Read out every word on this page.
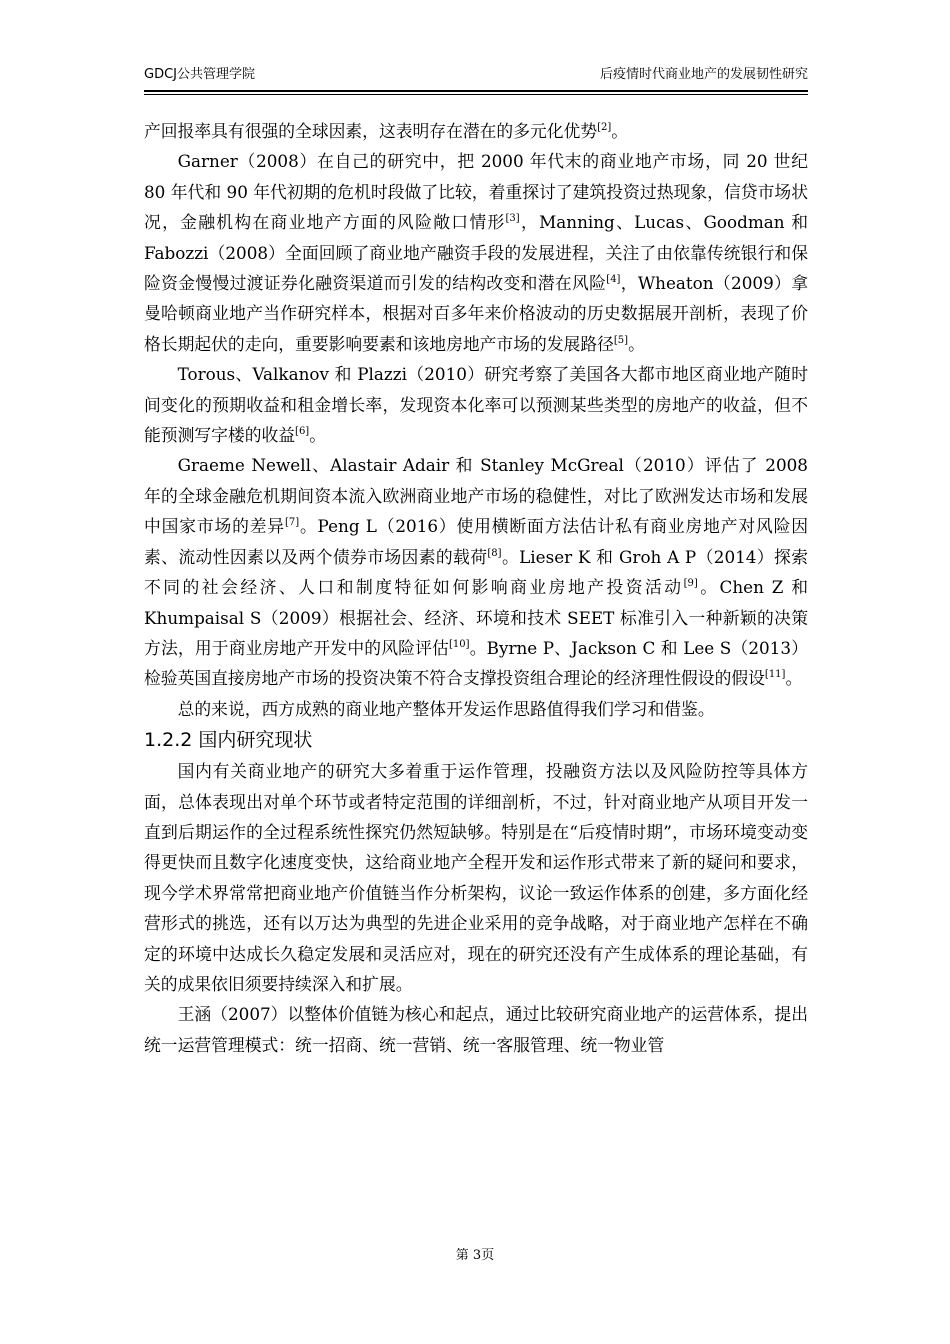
GDCJ公共管理学院	后疫情时代商业地产的发展韧性研究

产回报率具有很强的全球因素，这表明存在潜在的多元化优势[2]。

Garner（2008）在自己的研究中，把 2000 年代末的商业地产市场，同 20 世纪 80 年代和 90 年代初期的危机时段做了比较，着重探讨了建筑投资过热现象，信贷市场状况，金融机构在商业地产方面的风险敞口情形[3]，Manning、Lucas、Goodman 和 Fabozzi（2008）全面回顾了商业地产融资手段的发展进程，关注了由依靠传统银行和保险资金慢慢过渡证券化融资渠道而引发的结构改变和潜在风险[4]，Wheaton（2009）拿曼哈顿商业地产当作研究样本，根据对百多年来价格波动的历史数据展开剖析，表现了价格长期起伏的走向，重要影响要素和该地房地产市场的发展路径[5]。

Torous、Valkanov 和 Plazzi（2010）研究考察了美国各大都市地区商业地产随时间变化的预期收益和租金增长率，发现资本化率可以预测某些类型的房地产的收益，但不能预测写字楼的收益[6]。

Graeme Newell、Alastair Adair 和 Stanley McGreal（2010）评估了 2008 年的全球金融危机期间资本流入欧洲商业地产市场的稳健性，对比了欧洲发达市场和发展中国家市场的差异[7]。Peng L（2016）使用横断面方法估计私有商业房地产对风险因素、流动性因素以及两个债券市场因素的载荷[8]。Lieser K 和 Groh A P（2014）探索不同的社会经济、人口和制度特征如何影响商业房地产投资活动[9]。Chen Z 和 Khumpaisal S（2009）根据社会、经济、环境和技术 SEET 标准引入一种新颖的决策方法，用于商业房地产开发中的风险评估[10]。Byrne P、Jackson C 和 Lee S（2013）检验英国直接房地产市场的投资决策不符合支撑投资组合理论的经济理性假设的假设[11]。

总的来说，西方成熟的商业地产整体开发运作思路值得我们学习和借鉴。

1.2.2 国内研究现状

国内有关商业地产的研究大多着重于运作管理，投融资方法以及风险防控等具体方面，总体表现出对单个环节或者特定范围的详细剖析，不过，针对商业地产从项目开发一直到后期运作的全过程系统性探究仍然短缺够。特别是在“后疫情时期”，市场环境变动变得更快而且数字化速度变快，这给商业地产全程开发和运作形式带来了新的疑问和要求，现今学术界常常把商业地产价值链当作分析架构，议论一致运作体系的创建，多方面化经营形式的挑选，还有以万达为典型的先进企业采用的竞争战略，对于商业地产怎样在不确定的环境中达成长久稳定发展和灵活应对，现在的研究还没有产生成体系的理论基础，有关的成果依旧须要持续深入和扩展。

王涵（2007）以整体价值链为核心和起点，通过比较研究商业地产的运营体系，提出统一运营管理模式：统一招商、统一营销、统一客服管理、统一物业管

第 3页
